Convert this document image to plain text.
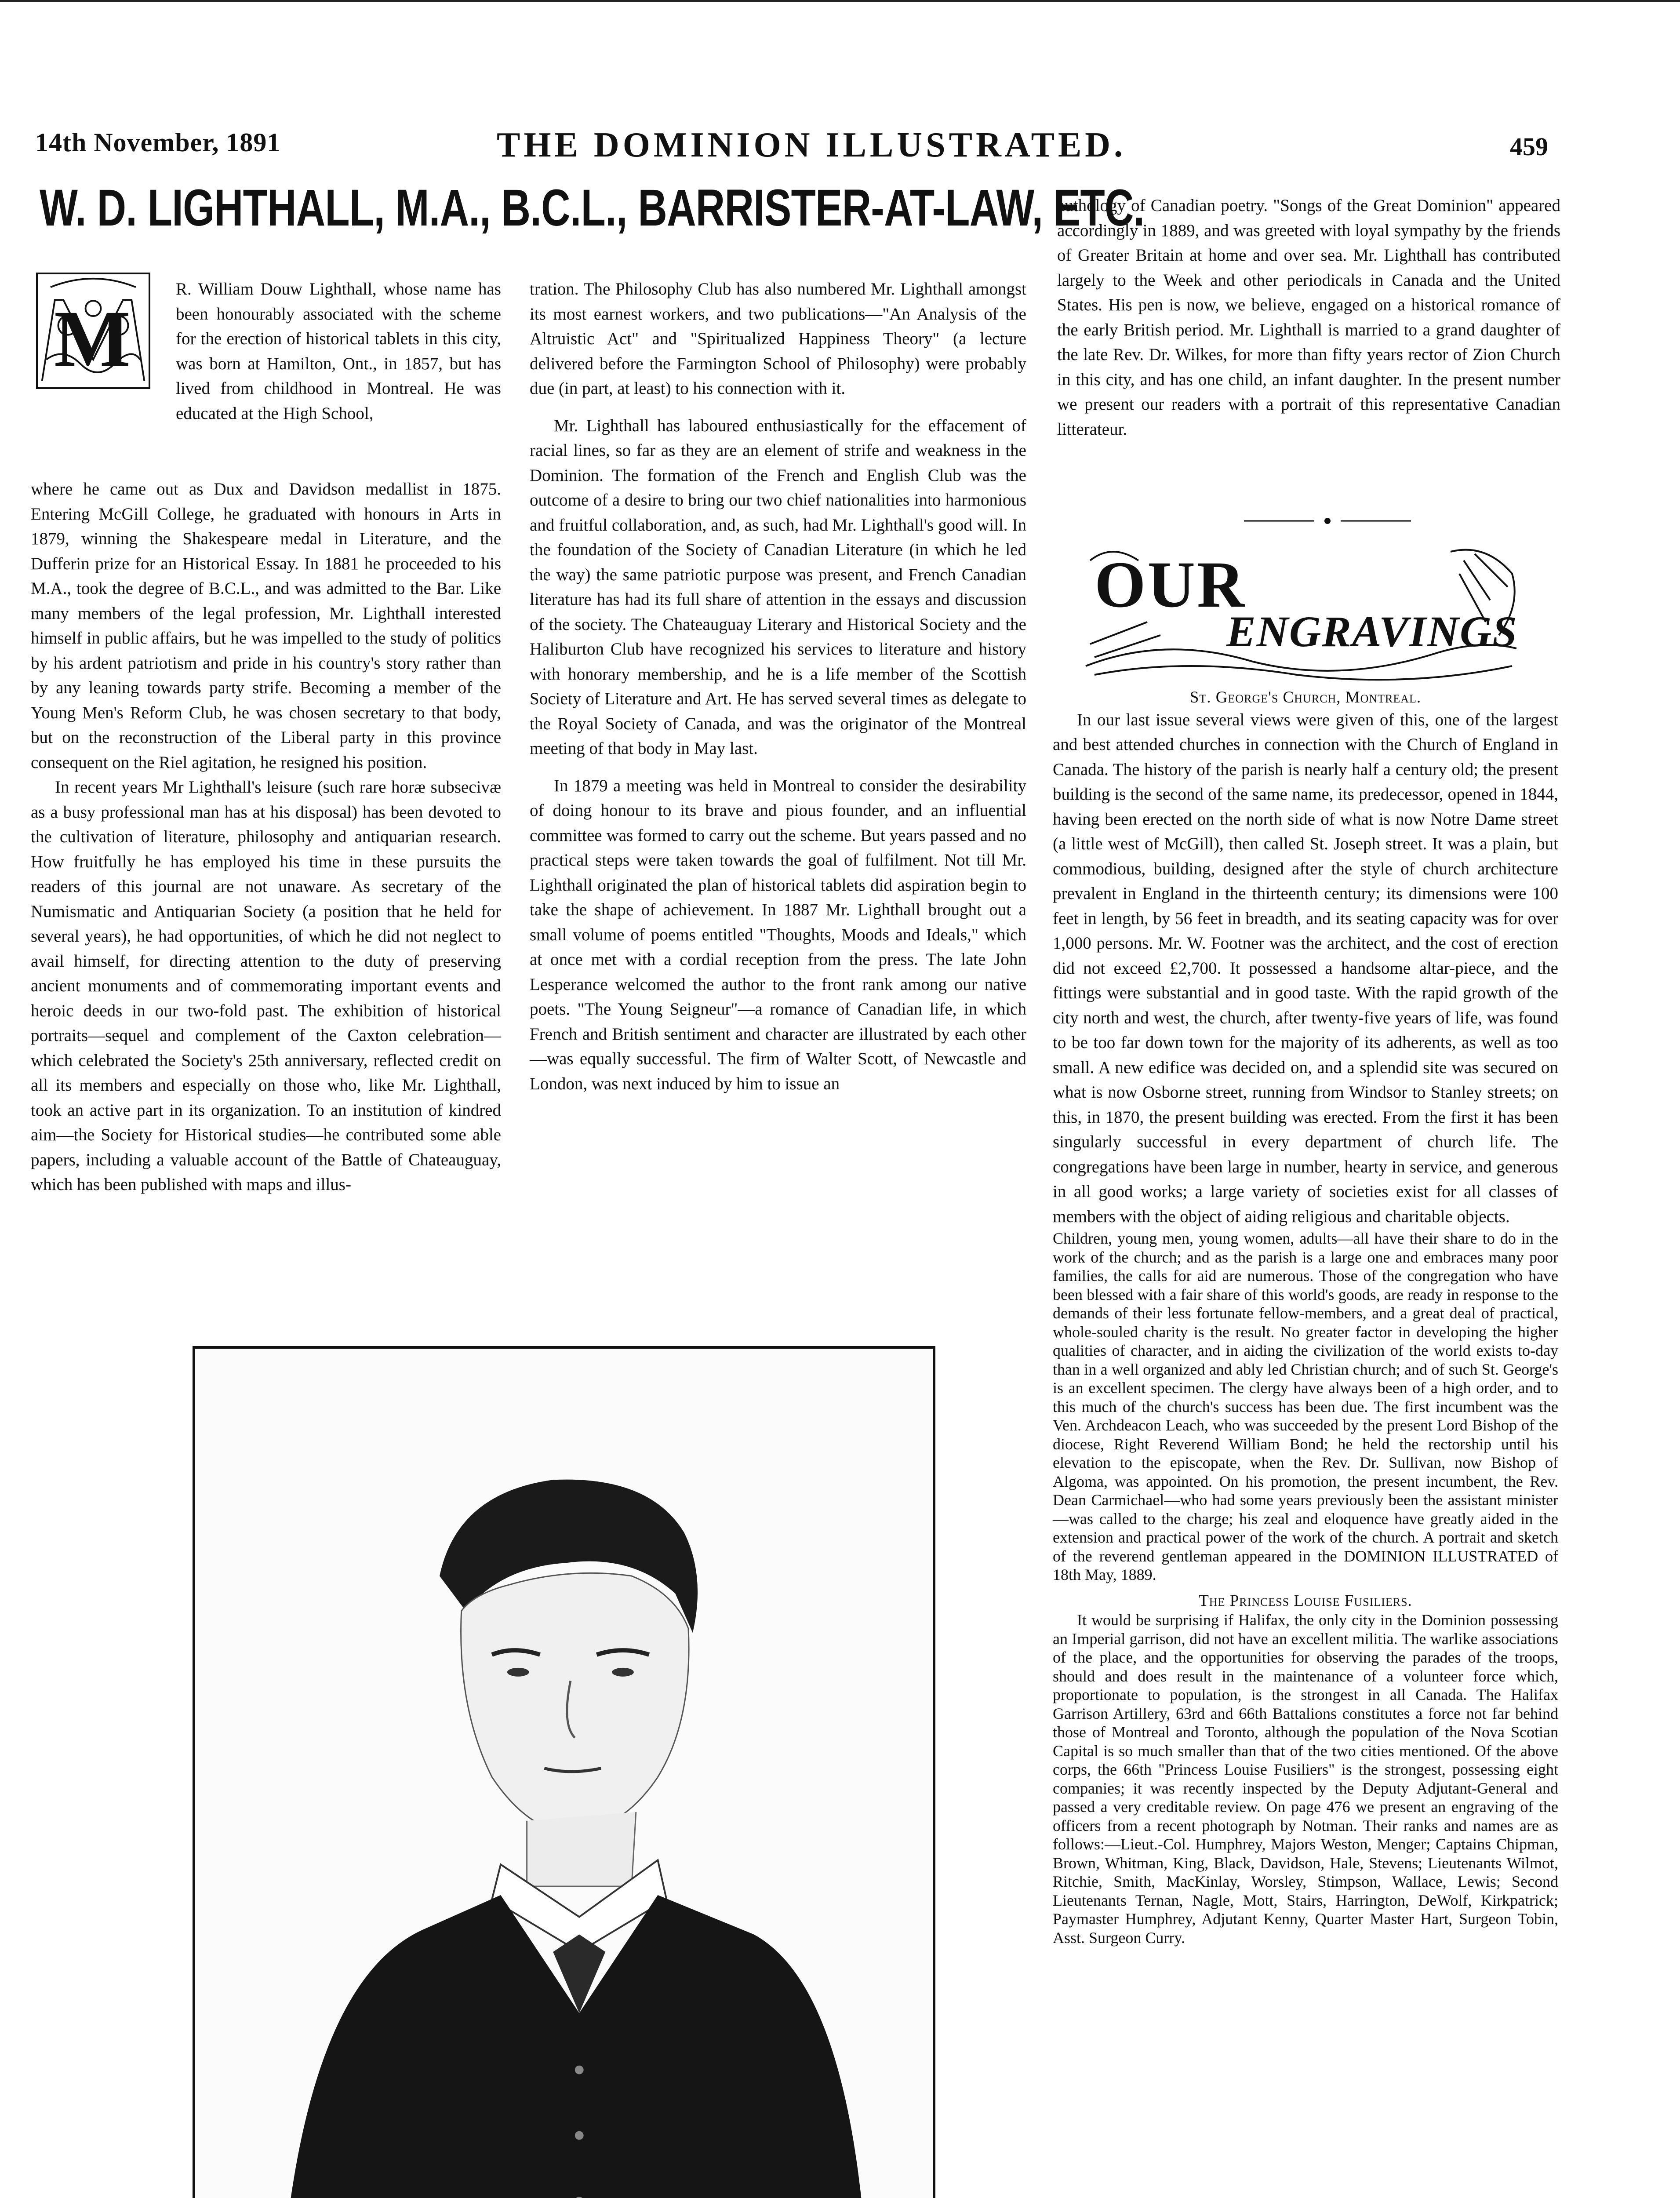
14th November, 1891	THE DOMINION ILLUSTRATED.	459
W. D. LIGHTHALL, M.A., B.C.L., BARRISTER-AT-LAW, ETC.
M

R. William Douw Lighthall, whose name has been honourably associated with the scheme for the erection of historical tablets in this city, was born at Hamilton, Ont., in 1857, but has lived from childhood in Montreal. He was educated at the High School,

where he came out as Dux and Davidson medallist in 1875. Entering McGill College, he graduated with honours in Arts in 1879, winning the Shakespeare medal in Literature, and the Dufferin prize for an Historical Essay. In 1881 he proceeded to his M.A., took the degree of B.C.L., and was admitted to the Bar. Like many members of the legal profession, Mr. Lighthall interested himself in public affairs, but he was impelled to the study of politics by his ardent patriotism and pride in his country's story rather than by any leaning towards party strife. Becoming a member of the Young Men's Reform Club, he was chosen secretary to that body, but on the reconstruction of the Liberal party in this province consequent on the Riel agitation, he resigned his position.

In recent years Mr Lighthall's leisure (such rare horæ subsecivæ as a busy professional man has at his disposal) has been devoted to the cultivation of literature, philosophy and antiquarian research. How fruitfully he has employed his time in these pursuits the readers of this journal are not unaware. As secretary of the Numismatic and Antiquarian Society (a position that he held for several years), he had opportunities, of which he did not neglect to avail himself, for directing attention to the duty of preserving ancient monuments and of commemorating important events and heroic deeds in our two-fold past. The exhibition of historical portraits—sequel and complement of the Caxton celebration—which celebrated the Society's 25th anniversary, reflected credit on all its members and especially on those who, like Mr. Lighthall, took an active part in its organization. To an institution of kindred aim—the Society for Historical studies—he contributed some able papers, including a valuable account of the Battle of Chateauguay, which has been published with maps and illus-

tration. The Philosophy Club has also numbered Mr. Lighthall amongst its most earnest workers, and two publications—"An Analysis of the Altruistic Act" and "Spiritualized Happiness Theory" (a lecture delivered before the Farmington School of Philosophy) were probably due (in part, at least) to his connection with it.

Mr. Lighthall has laboured enthusiastically for the effacement of racial lines, so far as they are an element of strife and weakness in the Dominion. The formation of the French and English Club was the outcome of a desire to bring our two chief nationalities into harmonious and fruitful collaboration, and, as such, had Mr. Lighthall's good will. In the foundation of the Society of Canadian Literature (in which he led the way) the same patriotic purpose was present, and French Canadian literature has had its full share of attention in the essays and discussion of the society. The Chateauguay Literary and Historical Society and the Haliburton Club have recognized his services to literature and history with honorary membership, and he is a life member of the Scottish Society of Literature and Art. He has served several times as delegate to the Royal Society of Canada, and was the originator of the Montreal meeting of that body in May last.

In 1879 a meeting was held in Montreal to consider the desirability of doing honour to its brave and pious founder, and an influential committee was formed to carry out the scheme. But years passed and no practical steps were taken towards the goal of fulfilment. Not till Mr. Lighthall originated the plan of historical tablets did aspiration begin to take the shape of achievement. In 1887 Mr. Lighthall brought out a small volume of poems entitled "Thoughts, Moods and Ideals," which at once met with a cordial reception from the press. The late John Lesperance welcomed the author to the front rank among our native poets. "The Young Seigneur"—a romance of Canadian life, in which French and British sentiment and character are illustrated by each other—was equally successful. The firm of Walter Scott, of Newcastle and London, was next induced by him to issue an

authology of Canadian poetry. "Songs of the Great Dominion" appeared accordingly in 1889, and was greeted with loyal sympathy by the friends of Greater Britain at home and over sea. Mr. Lighthall has contributed largely to the Week and other periodicals in Canada and the United States. His pen is now, we believe, engaged on a historical romance of the early British period. Mr. Lighthall is married to a grand daughter of the late Rev. Dr. Wilkes, for more than fifty years rector of Zion Church in this city, and has one child, an infant daughter. In the present number we present our readers with a portrait of this representative Canadian litterateur.

OUR
ENGRAVINGS

St. George's Church, Montreal.

In our last issue several views were given of this, one of the largest and best attended churches in connection with the Church of England in Canada. The history of the parish is nearly half a century old; the present building is the second of the same name, its predecessor, opened in 1844, having been erected on the north side of what is now Notre Dame street (a little west of McGill), then called St. Joseph street. It was a plain, but commodious, building, designed after the style of church architecture prevalent in England in the thirteenth century; its dimensions were 100 feet in length, by 56 feet in breadth, and its seating capacity was for over 1,000 persons. Mr. W. Footner was the architect, and the cost of erection did not exceed £2,700. It possessed a handsome altar-piece, and the fittings were substantial and in good taste. With the rapid growth of the city north and west, the church, after twenty-five years of life, was found to be too far down town for the majority of its adherents, as well as too small. A new edifice was decided on, and a splendid site was secured on what is now Osborne street, running from Windsor to Stanley streets; on this, in 1870, the present building was erected. From the first it has been singularly successful in every department of church life. The congregations have been large in number, hearty in service, and generous in all good works; a large variety of societies exist for all classes of members with the object of aiding religious and charitable objects.

Children, young men, young women, adults—all have their share to do in the work of the church; and as the parish is a large one and embraces many poor families, the calls for aid are numerous. Those of the congregation who have been blessed with a fair share of this world's goods, are ready in response to the demands of their less fortunate fellow-members, and a great deal of practical, whole-souled charity is the result. No greater factor in developing the higher qualities of character, and in aiding the civilization of the world exists to-day than in a well organized and ably led Christian church; and of such St. George's is an excellent specimen. The clergy have always been of a high order, and to this much of the church's success has been due. The first incumbent was the Ven. Archdeacon Leach, who was succeeded by the present Lord Bishop of the diocese, Right Reverend William Bond; he held the rectorship until his elevation to the episcopate, when the Rev. Dr. Sullivan, now Bishop of Algoma, was appointed. On his promotion, the present incumbent, the Rev. Dean Carmichael—who had some years previously been the assistant minister—was called to the charge; his zeal and eloquence have greatly aided in the extension and practical power of the work of the church. A portrait and sketch of the reverend gentleman appeared in the DOMINION ILLUSTRATED of 18th May, 1889.

The Princess Louise Fusiliers.

It would be surprising if Halifax, the only city in the Dominion possessing an Imperial garrison, did not have an excellent militia. The warlike associations of the place, and the opportunities for observing the parades of the troops, should and does result in the maintenance of a volunteer force which, proportionate to population, is the strongest in all Canada. The Halifax Garrison Artillery, 63rd and 66th Battalions constitutes a force not far behind those of Montreal and Toronto, although the population of the Nova Scotian Capital is so much smaller than that of the two cities mentioned. Of the above corps, the 66th "Princess Louise Fusiliers" is the strongest, possessing eight companies; it was recently inspected by the Deputy Adjutant-General and passed a very creditable review. On page 476 we present an engraving of the officers from a recent photograph by Notman. Their ranks and names are as follows:—Lieut.-Col. Humphrey, Majors Weston, Menger; Captains Chipman, Brown, Whitman, King, Black, Davidson, Hale, Stevens; Lieutenants Wilmot, Ritchie, Smith, MacKinlay, Worsley, Stimpson, Wallace, Lewis; Second Lieutenants Ternan, Nagle, Mott, Stairs, Harrington, DeWolf, Kirkpatrick; Paymaster Humphrey, Adjutant Kenny, Quarter Master Hart, Surgeon Tobin, Asst. Surgeon Curry.
